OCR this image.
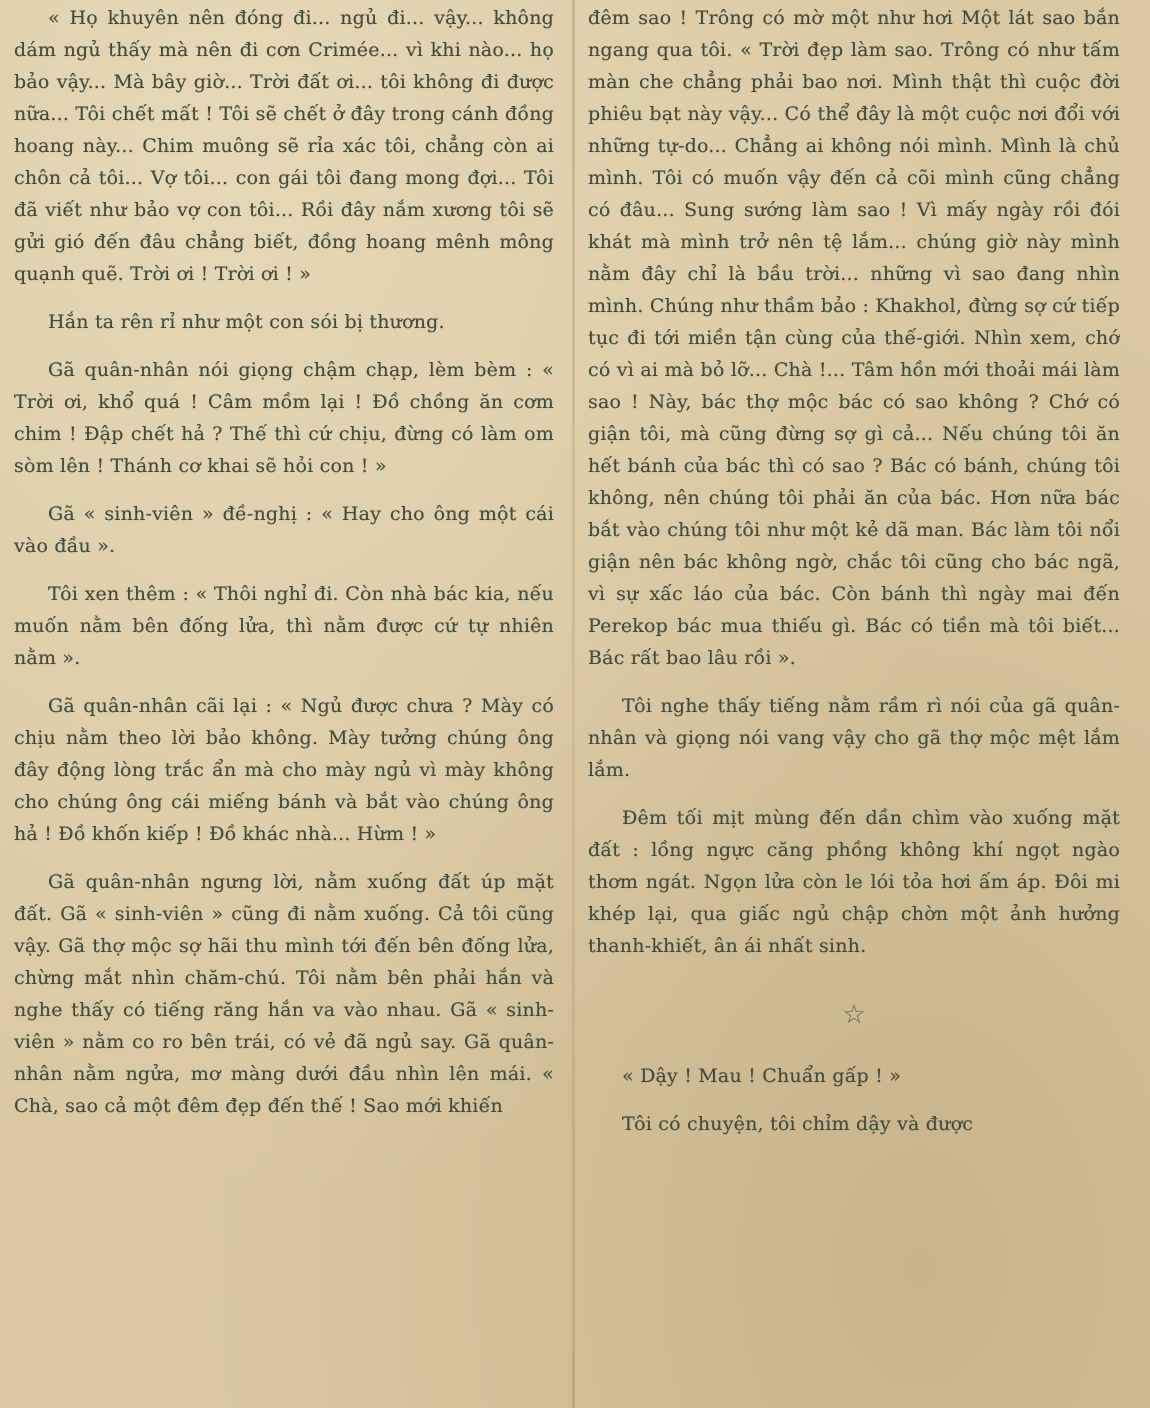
« Họ khuyên nên đóng đi... ngủ đi... vậy... không dám ngủ thấy mà nên đi cơn Crimée... vì khi nào... họ bảo vậy... Mà bây giờ... Trời đất ơi... tôi không đi được nữa... Tôi chết mất ! Tôi sẽ chết ở đây trong cánh đồng hoang này... Chim muông sẽ rỉa xác tôi, chẳng còn ai chôn cả tôi... Vợ tôi... con gái tôi đang mong đợi... Tôi đã viết như bảo vợ con tôi... Rồi đây nắm xương tôi sẽ gửi gió đến đâu chẳng biết, đồng hoang mênh mông quạnh quẽ. Trời ơi ! Trời ơi ! »

Hắn ta rên rỉ như một con sói bị thương.

Gã quân-nhân nói giọng chậm chạp, lèm bèm : « Trời ơi, khổ quá ! Câm mồm lại ! Đồ chồng ăn cơm chim ! Đập chết hả ? Thế thì cứ chịu, đừng có làm om sòm lên ! Thánh cơ khai sẽ hỏi con ! »

Gã « sinh-viên » đề-nghị : « Hay cho ông một cái vào đầu ».

Tôi xen thêm : « Thôi nghỉ đi. Còn nhà bác kia, nếu muốn nằm bên đống lửa, thì nằm được cứ tự nhiên nằm ».

Gã quân-nhân cãi lại : « Ngủ được chưa ? Mày có chịu nằm theo lời bảo không. Mày tưởng chúng ông đây động lòng trắc ẩn mà cho mày ngủ vì mày không cho chúng ông cái miếng bánh và bắt vào chúng ông hả ! Đồ khốn kiếp ! Đồ khác nhà... Hừm ! »

Gã quân-nhân ngưng lời, nằm xuống đất úp mặt đất. Gã « sinh-viên » cũng đi nằm xuống. Cả tôi cũng vậy. Gã thợ mộc sợ hãi thu mình tới đến bên đống lửa, chừng mắt nhìn chăm-chú. Tôi nằm bên phải hắn và nghe thấy có tiếng răng hắn va vào nhau. Gã « sinh-viên » nằm co ro bên trái, có vẻ đã ngủ say. Gã quân-nhân nằm ngửa, mơ màng dưới đầu nhìn lên mái. « Chà, sao cả một đêm đẹp đến thế ! Sao mới khiến

đêm sao ! Trông có mờ một như hơi Một lát sao bắn ngang qua tôi. « Trời đẹp làm sao. Trông có như tấm màn che chẳng phải bao nơi. Mình thật thì cuộc đời phiêu bạt này vậy... Có thể đây là một cuộc nơi đổi với những tự-do... Chẳng ai không nói mình. Mình là chủ mình. Tôi có muốn vậy đến cả cõi mình cũng chẳng có đâu... Sung sướng làm sao ! Vì mấy ngày rồi đói khát mà mình trở nên tệ lắm... chúng giờ này mình nằm đây chỉ là bầu trời... những vì sao đang nhìn mình. Chúng như thầm bảo : Khakhol, đừng sợ cứ tiếp tục đi tới miền tận cùng của thế-giới. Nhìn xem, chớ có vì ai mà bỏ lỡ... Chà !... Tâm hồn mới thoải mái làm sao ! Này, bác thợ mộc bác có sao không ? Chớ có giận tôi, mà cũng đừng sợ gì cả... Nếu chúng tôi ăn hết bánh của bác thì có sao ? Bác có bánh, chúng tôi không, nên chúng tôi phải ăn của bác. Hơn nữa bác bắt vào chúng tôi như một kẻ dã man. Bác làm tôi nổi giận nên bác không ngờ, chắc tôi cũng cho bác ngã, vì sự xấc láo của bác. Còn bánh thì ngày mai đến Perekop bác mua thiếu gì. Bác có tiền mà tôi biết... Bác rất bao lâu rồi ».

Tôi nghe thấy tiếng nằm rầm rì nói của gã quân-nhân và giọng nói vang vậy cho gã thợ mộc mệt lắm lắm.

Đêm tối mịt mùng đến dần chìm vào xuống mặt đất : lồng ngực căng phồng không khí ngọt ngào thơm ngát. Ngọn lửa còn le lói tỏa hơi ấm áp. Đôi mi khép lại, qua giấc ngủ chập chờn một ảnh hưởng thanh-khiết, ân ái nhất sinh.

☆

« Dậy ! Mau ! Chuẩn gấp ! »

Tôi có chuyện, tôi chỉm dậy và được
